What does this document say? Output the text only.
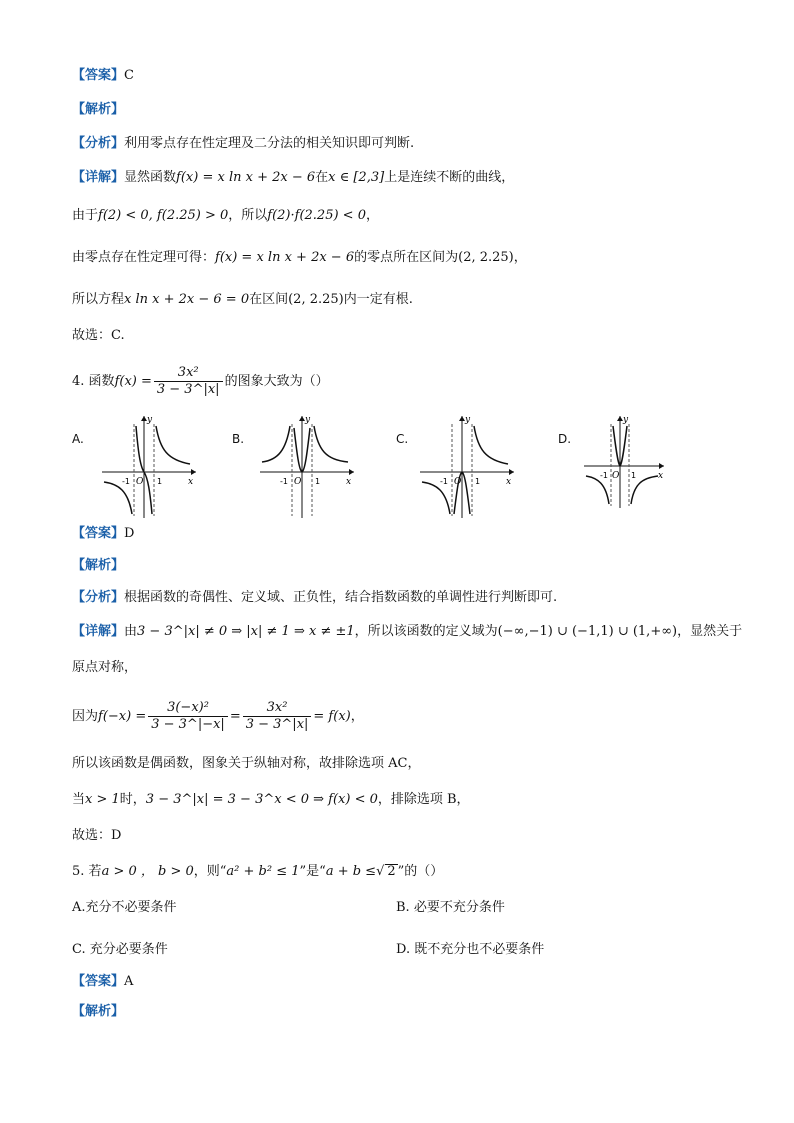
【答案】C
【解析】
【分析】利用零点存在性定理及二分法的相关知识即可判断.
【详解】显然函数f(x) = x ln x + 2x − 6在x ∈ [2,3]上是连续不断的曲线，
由于f(2) < 0, f(2.25) > 0，所以f(2)·f(2.25) < 0，
由零点存在性定理可得：f(x) = x ln x + 2x − 6的零点所在区间为(2, 2.25)，
所以方程x ln x + 2x − 6 = 0在区间(2, 2.25)内一定有根.
故选：C.
4. 函数$f(x) = \frac{\text{3x²}}{3 - 3\^{}|x|}$ 的图象大致为（）
A.
y
x
O
-1	1
B.
y
x
O
-1	1
C.
y
x
O
-1	1
D.
y
x
O
-1	1
【答案】D
【解析】
【分析】根据函数的奇偶性、定义域、正负性，结合指数函数的单调性进行判断即可.
【详解】由3 − 3^|x| ≠ 0 ⇒ |x| ≠ 1 ⇒ x ≠ ±1，所以该函数的定义域为(−∞,−1) ∪ (−1,1) ∪ (1,+∞)，显然关于
原点对称，
因为$f(-x) = \frac{\text{3(−x)²}}{3 - 3\^{}|-x|} = \frac{\text{3x²}}{3 - 3\^{}|x|} = f(x)$，
所以该函数是偶函数，图象关于纵轴对称，故排除选项 AC，
当x > 1时，3 − 3^|x| = 3 − 3^x < 0 ⇒ f(x) < 0，排除选项 B，
故选：D
5. 若a > 0 ， b > 0，则“a² + b² ≤ 1”是“a + b ≤√ 2 ”的（）
A.充分不必要条件	B. 必要不充分条件
C. 充分必要条件	D. 既不充分也不必要条件
【答案】A
【解析】
